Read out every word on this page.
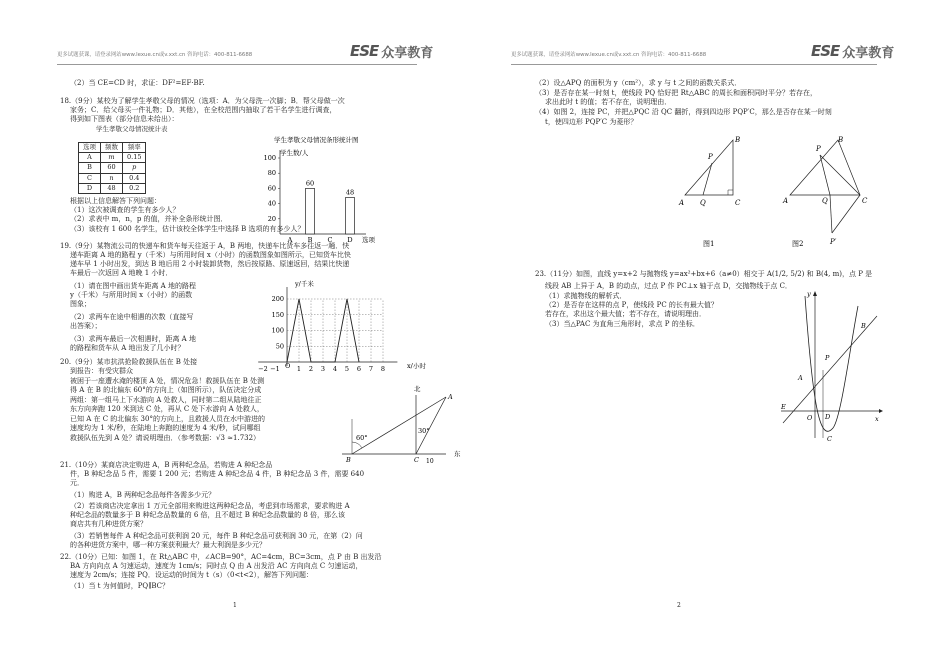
更多试题获课，请登录网站www.lexue.cn或v.xxt.cn 咨询电话：400-811-6688	ESE 众享教育
（2）当 CE=CD 时，求证：DF²=EF·BF.
18.（9分）某校为了解学生孝敬父母的情况（选项：A．为父母洗一次脚；B．帮父母做一次
家务；C．给父母买一件礼物；D．其他），在全校范围内抽取了若干名学生进行调查，
得到如下图表（部分信息未给出）：
学生孝敬父母情况统计表
选项	频数	频率
A	m	0.15
B	60	p
C	n	0.4
D	48	0.2
学生孝敬父母情况条形统计图
学生数/人
选项
20
40
60
80
100
A
60
B C
48
D
根据以上信息解答下列问题：
（1）这次被调查的学生有多少人？
（2）求表中 m，n，p 的值，并补全条形统计图．
（3）该校有 1 600 名学生，估计该校全体学生中选择 B 选项的有多少人？
19.（9分）某物流公司的快递车和货车每天往返于 A，B 两地，快递车比货车多往返一趟．快
递车距离 A 地的路程 y（千米）与所用时间 x（小时）的函数图象如图所示，已知货车比快
递车早 1 小时出发，到达 B 地后用 2 小时装卸货物，然后按原路、原速返回，结果比快递
车最后一次返回 A 地晚 1 小时．
（1）请在图中画出货车距离 A 地的路程
y（千米）与所用时间 x（小时）的函数
图象；
（2）求两车在途中相遇的次数（直接写
出答案）；
（3）求两车最后一次相遇时，距离 A 地
的路程和货车从 A 地出发了几小时？
y/千米
x/小时
O
50
100
150
200
−2 −1	1 2 3 4 5 6 7 8
20.（9分）某市抗洪抢险救援队伍在 B 处接
到报告：有受灾群众
被困于一座遭水淹的楼顶 A 处，情况危急！救援队伍在 B 处测
得 A 在 B 的北偏东 60°的方向上（如图所示），队伍决定分成
两组：第一组马上下水游向 A 处救人，同时第二组从陆地往正
东方向奔跑 120 米到达 C 处，再从 C 处下水游向 A 处救人，
已知 A 在 C 的北偏东 30°的方向上，且救援人员在水中游进的
速度均为 1 米/秒，在陆地上奔跑的速度为 4 米/秒，试问哪组
救援队伍先到 A 处？请说明理由．（参考数据：√3 ≈1.732）
北
60°
30°
A
B	C
东
10
21.（10分）某商店决定购进 A，B 两种纪念品，若购进 A 种纪念品
件，B 种纪念品 5 件，需要 1 200 元；若购进 A 种纪念品 4 件，B 种纪念品 3 件，需要 640
元．
（1）购进 A，B 两种纪念品每件各需多少元？
（2）若该商店决定拿出 1 万元全部用来购进这两种纪念品，考虑到市场需求，要求购进 A
种纪念品的数量多于 B 种纪念品数量的 6 倍，且不超过 B 种纪念品数量的 8 倍，那么该
商店共有几种进货方案？
（3）若销售每件 A 种纪念品可获利润 20 元，每件 B 种纪念品可获利润 30 元，在第（2）问
的各种进货方案中，哪一种方案获利最大？最大利润是多少元？
22.（10分）已知：如图 1，在 Rt△ABC 中，∠ACB=90°，AC=4cm，BC=3cm，点 P 由 B 出发沿
BA 方向向点 A 匀速运动，速度为 1cm/s；同时点 Q 由 A 出发沿 AC 方向向点 C 匀速运动，
速度为 2cm/s；连接 PQ．设运动的时间为 t（s）（0<t<2），解答下列问题：
（1）当 t 为何值时，PQ∥BC？
1
更多试题获课，请登录网站www.lexue.cn或v.xxt.cn 咨询电话：400-811-6688	ESE 众享教育
（2）设△APQ 的面积为 y（cm²），求 y 与 t 之间的函数关系式．
（3）是否存在某一时刻 t，使线段 PQ 恰好把 Rt△ABC 的周长和面积同时平分？若存在，
求出此时 t 的值；若不存在，说明理由．
（4）如图 2，连接 PC，并把△PQC 沿 QC 翻折，得到四边形 PQP′C，那么是否存在某一时刻
t，使四边形 PQP′C 为菱形？
A
B
C
P
Q
图1
A
B
C
P
Q
P′
图2
23.（11分）如图，直线 y=x+2 与抛物线 y=ax²+bx+6（a≠0）相交于 A(1/2, 5/2) 和 B(4, m)，点 P 是
线段 AB 上异于 A，B 的动点，过点 P 作 PC⊥x 轴于点 D，交抛物线于点 C．
（1）求抛物线的解析式．
（2）是否存在这样的点 P，使线段 PC 的长有最大值？
若存在，求出这个最大值；若不存在，请说明理由．
（3）当△PAC 为直角三角形时，求点 P 的坐标．
x
y
O
A
B
C
D
E
P
2
